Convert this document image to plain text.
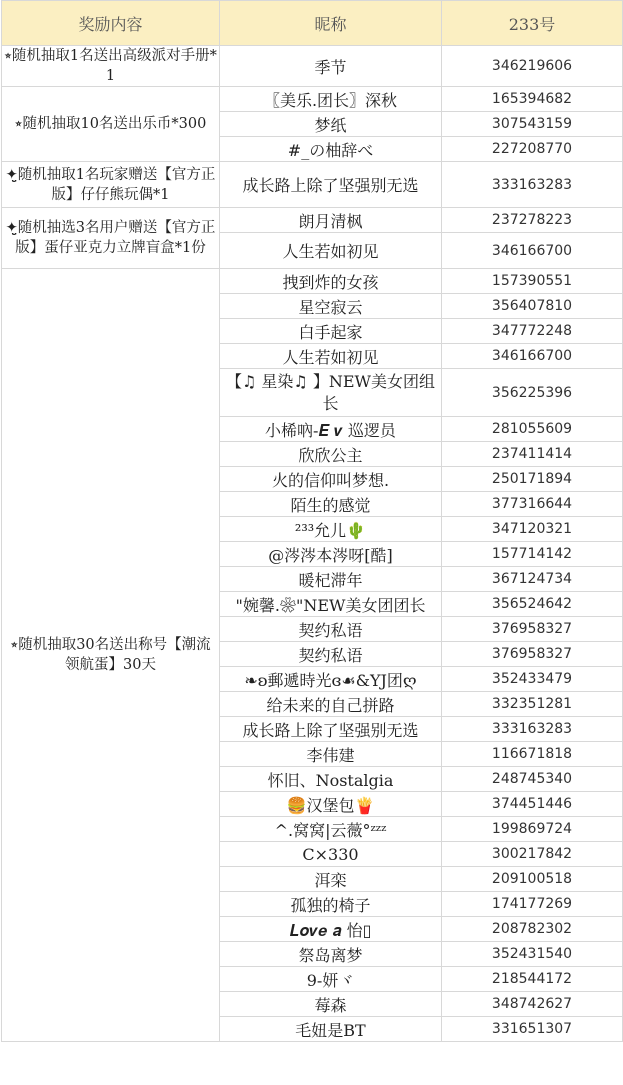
奖励内容	昵称	233号
⭒随机抽取1名送出高级派对手册*1	季节	346219606
⭒随机抽取10名送出乐币*300	〖美乐.团长〗深秋	165394682
	梦纸	307543159
	#_の柚辞べ	227208770
✦̤̮随机抽取1名玩家赠送【官方正版】仔仔熊玩偶*1	成长路上除了坚强别无选	333163283
✦̤̮随机抽选3名用户赠送【官方正版】蛋仔亚克力立牌盲盒*1份	朗月清枫	237278223
	人生若如初见	346166700
⭒随机抽取30名送出称号【潮流领航蛋】30天	拽到炸的女孩	157390551
	星空寂云	356407810
	白手起家	347772248
	人生若如初见	346166700
	【♫ 星染♫ 】NEW美女团组长	356225396
	小桸吶-𝑬 𝒗 巡逻员	281055609
	欣欣公主	237411414
	火的信仰叫梦想.	250171894
	陌生的感觉	377316644
	²³³允儿🌵	347120321
	@涔涔本涔呀[酷]	157714142
	暖杞滞年	367124734
	"婉馨.❀"NEW美女团团长	356524642
	契约私语	376958327
	契约私语	376958327
	❧ʚ郵遞時光ɞ☙&YJ团ღ	352433479
	给未来的自己拼路	332351281
	成长路上除了坚强别无选	333163283
	李伟建	116671818
	怀旧、Nostalgia	248745340
	🍔汉堡包🍟	374451446
	^.窝窝|云薇°ᶻᶻᶻ	199869724
	C×330	300217842
	洱栾	209100518
	孤独的椅子	174177269
	𝑳𝒐𝒗𝒆 𝒂 怡▯	208782302
	祭岛离梦	352431540
	9-妍ヾ	218544172
	莓森	348742627
	毛妞是BT	331651307
